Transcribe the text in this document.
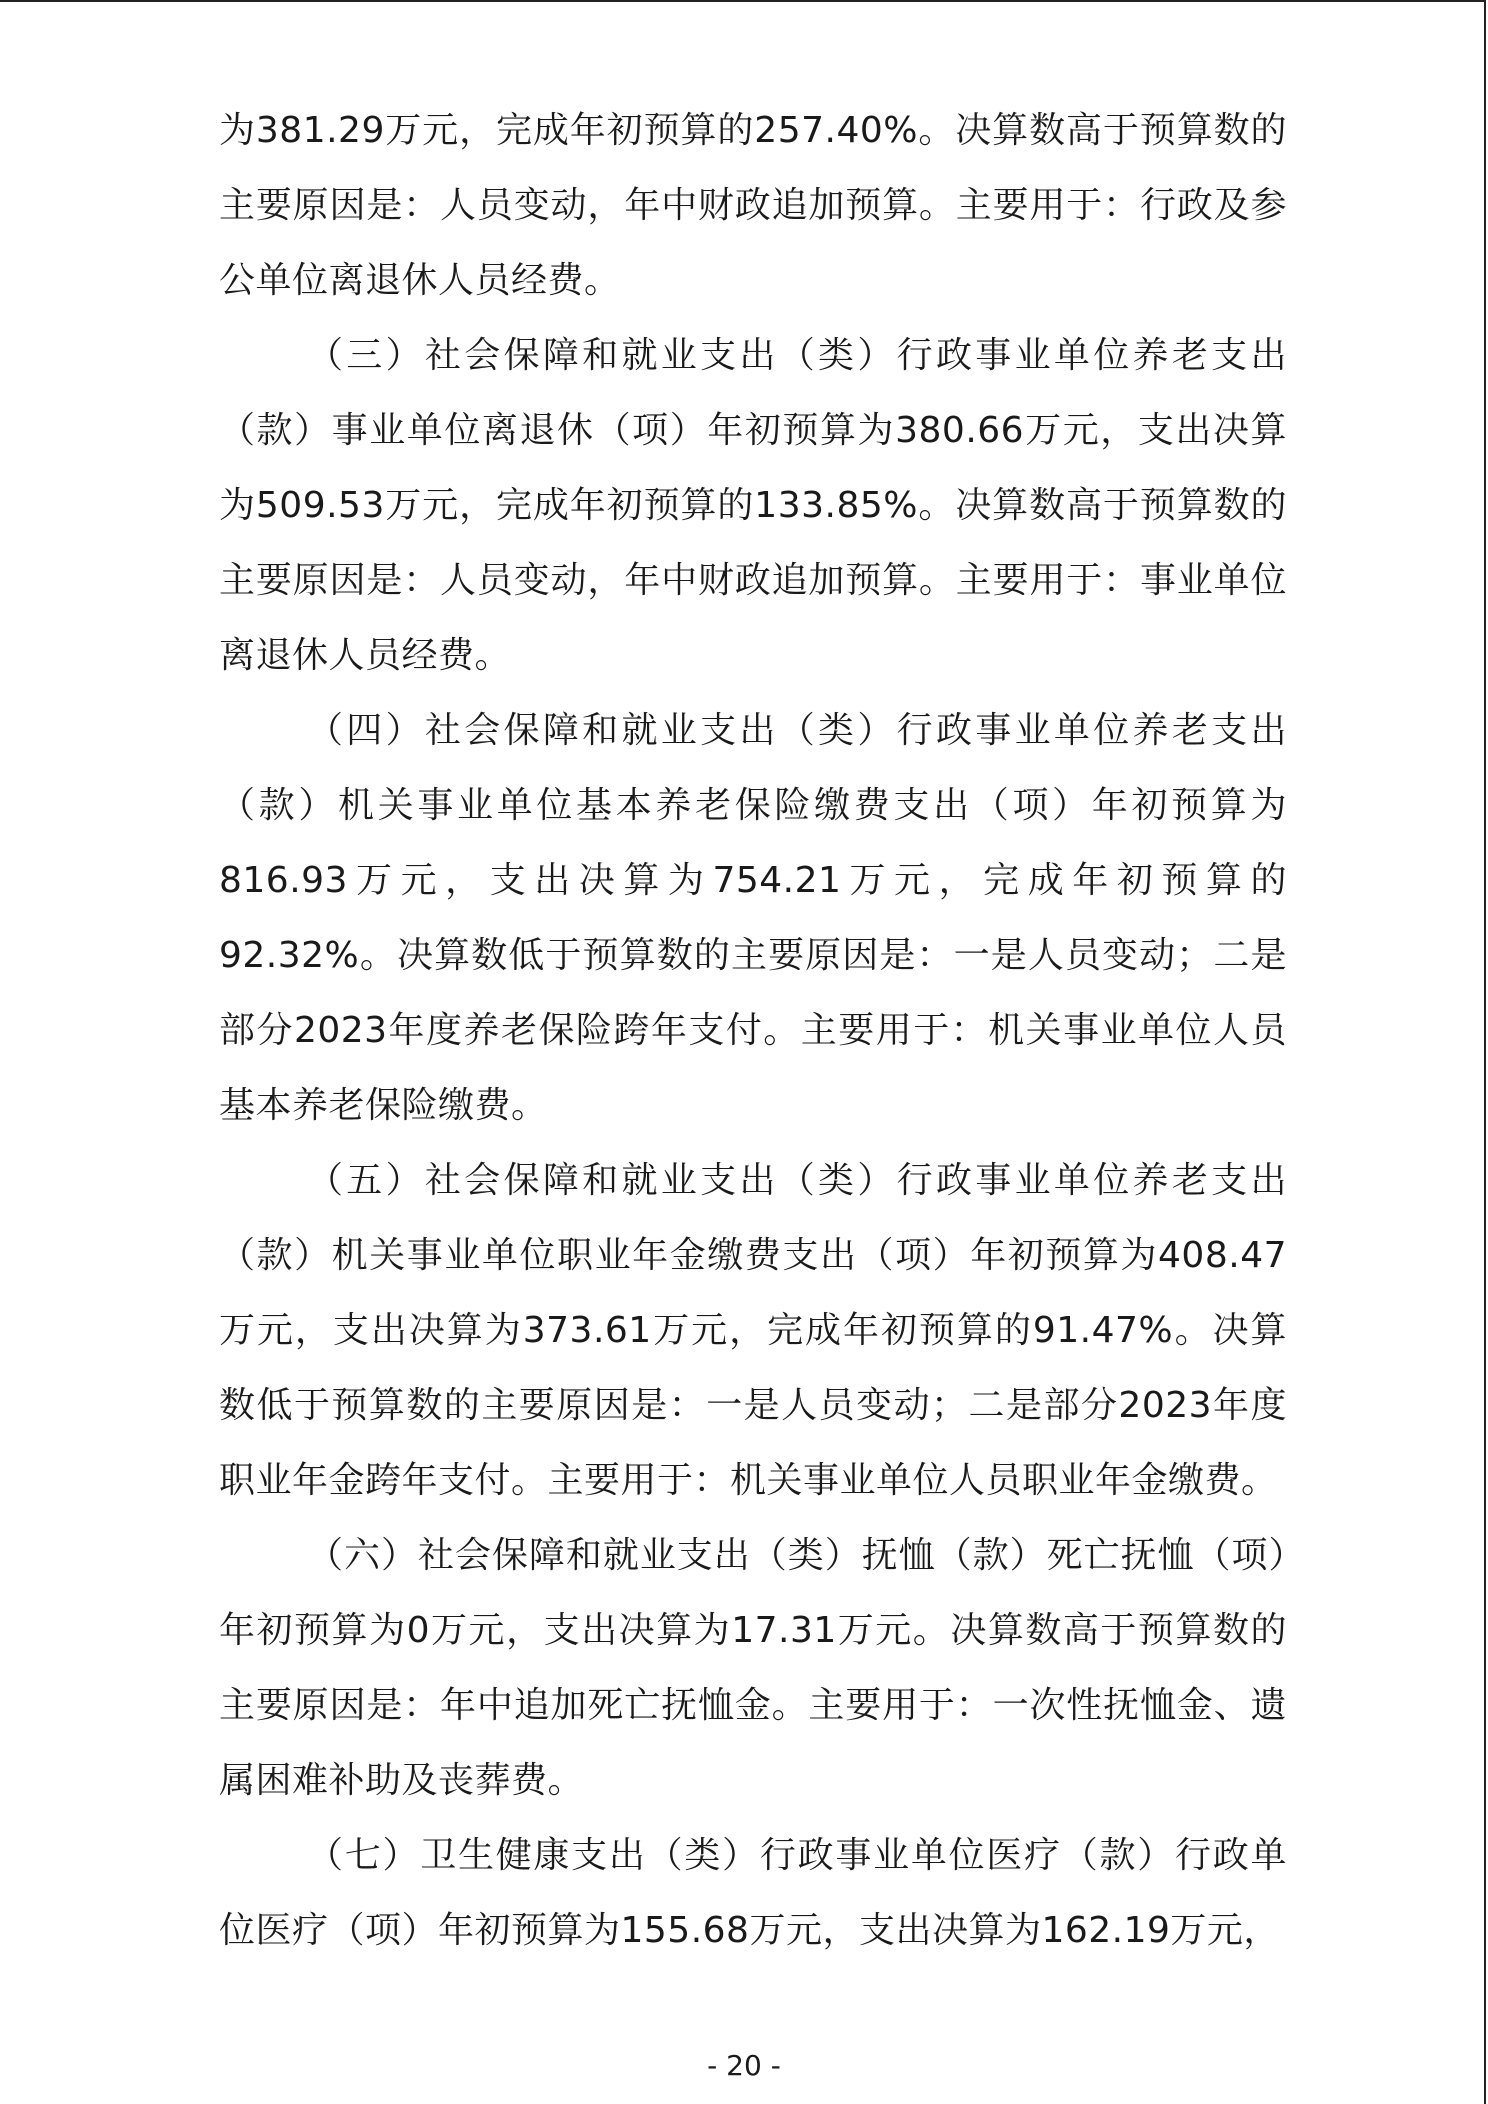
为381.29万元，完成年初预算的257.40%。决算数高于预算数的主要原因是：人员变动，年中财政追加预算。主要用于：行政及参公单位离退休人员经费。

（三）社会保障和就业支出（类）行政事业单位养老支出（款）事业单位离退休（项）年初预算为380.66万元，支出决算为509.53万元，完成年初预算的133.85%。决算数高于预算数的主要原因是：人员变动，年中财政追加预算。主要用于：事业单位离退休人员经费。

（四）社会保障和就业支出（类）行政事业单位养老支出（款）机关事业单位基本养老保险缴费支出（项）年初预算为816.93万元，支出决算为754.21万元，完成年初预算的92.32%。决算数低于预算数的主要原因是：一是人员变动；二是部分2023年度养老保险跨年支付。主要用于：机关事业单位人员基本养老保险缴费。

（五）社会保障和就业支出（类）行政事业单位养老支出（款）机关事业单位职业年金缴费支出（项）年初预算为408.47万元，支出决算为373.61万元，完成年初预算的91.47%。决算数低于预算数的主要原因是：一是人员变动；二是部分2023年度职业年金跨年支付。主要用于：机关事业单位人员职业年金缴费。

（六）社会保障和就业支出（类）抚恤（款）死亡抚恤（项）年初预算为0万元，支出决算为17.31万元。决算数高于预算数的主要原因是：年中追加死亡抚恤金。主要用于：一次性抚恤金、遗属困难补助及丧葬费。

（七）卫生健康支出（类）行政事业单位医疗（款）行政单位医疗（项）年初预算为155.68万元，支出决算为162.19万元，

- 20 -
